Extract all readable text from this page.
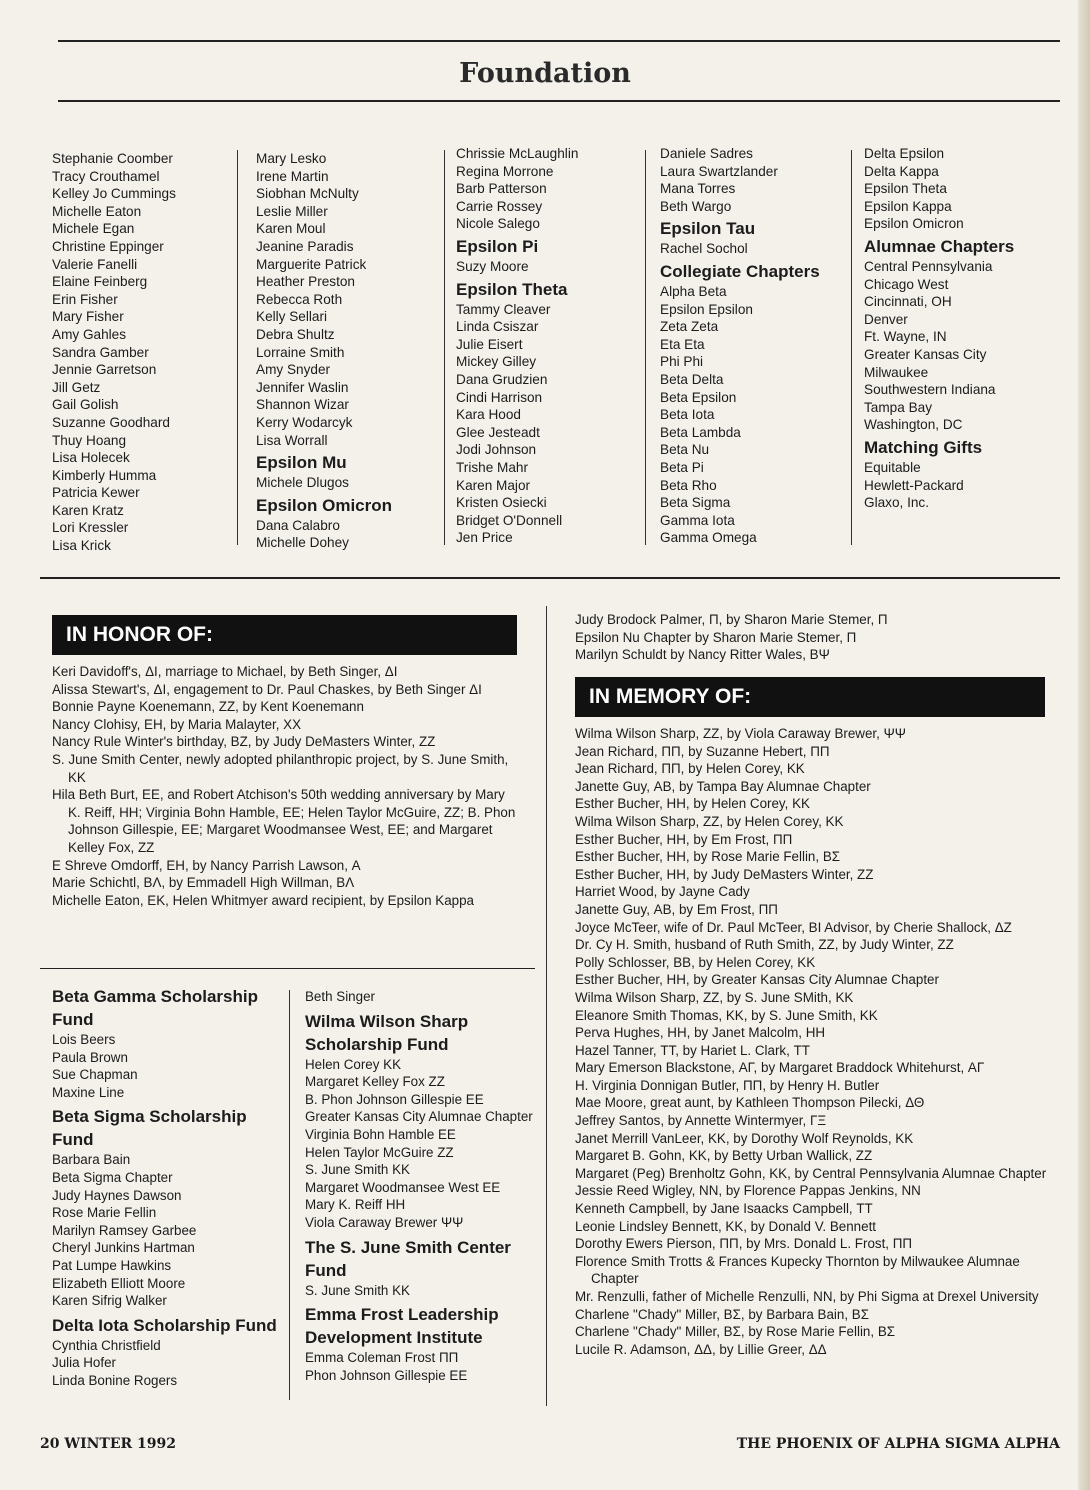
Foundation
Stephanie Coomber
Tracy Crouthamel
Kelley Jo Cummings
Michelle Eaton
Michele Egan
Christine Eppinger
Valerie Fanelli
Elaine Feinberg
Erin Fisher
Mary Fisher
Amy Gahles
Sandra Gamber
Jennie Garretson
Jill Getz
Gail Golish
Suzanne Goodhard
Thuy Hoang
Lisa Holecek
Kimberly Humma
Patricia Kewer
Karen Kratz
Lori Kressler
Lisa Krick
Mary Lesko
Irene Martin
Siobhan McNulty
Leslie Miller
Karen Moul
Jeanine Paradis
Marguerite Patrick
Heather Preston
Rebecca Roth
Kelly Sellari
Debra Shultz
Lorraine Smith
Amy Snyder
Jennifer Waslin
Shannon Wizar
Kerry Wodarcyk
Lisa Worrall
Epsilon Mu
Michele Dlugos
Epsilon Omicron
Dana Calabro
Michelle Dohey
Chrissie McLaughlin
Regina Morrone
Barb Patterson
Carrie Rossey
Nicole Salego
Epsilon Pi
Suzy Moore
Epsilon Theta
Tammy Cleaver
Linda Csiszar
Julie Eisert
Mickey Gilley
Dana Grudzien
Cindi Harrison
Kara Hood
Glee Jesteadt
Jodi Johnson
Trishe Mahr
Karen Major
Kristen Osiecki
Bridget O'Donnell
Jen Price
Daniele Sadres
Laura Swartzlander
Mana Torres
Beth Wargo
Epsilon Tau
Rachel Sochol
Collegiate Chapters
Alpha Beta
Epsilon Epsilon
Zeta Zeta
Eta Eta
Phi Phi
Beta Delta
Beta Epsilon
Beta Iota
Beta Lambda
Beta Nu
Beta Pi
Beta Rho
Beta Sigma
Gamma Iota
Gamma Omega
Delta Epsilon
Delta Kappa
Epsilon Theta
Epsilon Kappa
Epsilon Omicron
Alumnae Chapters
Central Pennsylvania
Chicago West
Cincinnati, OH
Denver
Ft. Wayne, IN
Greater Kansas City
Milwaukee
Southwestern Indiana
Tampa Bay
Washington, DC
Matching Gifts
Equitable
Hewlett-Packard
Glaxo, Inc.
IN HONOR OF:
Keri Davidoff's, ΔΙ, marriage to Michael, by Beth Singer, ΔΙ
Alissa Stewart's, ΔΙ, engagement to Dr. Paul Chaskes, by Beth Singer ΔΙ
Bonnie Payne Koenemann, ΖΖ, by Kent Koenemann
Nancy Clohisy, ΕΗ, by Maria Malayter, ΧΧ
Nancy Rule Winter's birthday, ΒΖ, by Judy DeMasters Winter, ΖΖ
S. June Smith Center, newly adopted philanthropic project, by S. June Smith, ΚΚ
Hila Beth Burt, ΕΕ, and Robert Atchison's 50th wedding anniversary by Mary K. Reiff, ΗΗ; Virginia Bohn Hamble, ΕΕ; Helen Taylor McGuire, ΖΖ; B. Phon Johnson Gillespie, ΕΕ; Margaret Woodmansee West, ΕΕ; and Margaret Kelley Fox, ΖΖ
E Shreve Omdorff, ΕΗ, by Nancy Parrish Lawson, Α
Marie Schichtl, ΒΛ, by Emmadell High Willman, ΒΛ
Michelle Eaton, ΕΚ, Helen Whitmyer award recipient, by Epsilon Kappa
Judy Brodock Palmer, Π, by Sharon Marie Stemer, Π
Epsilon Nu Chapter by Sharon Marie Stemer, Π
Marilyn Schuldt by Nancy Ritter Wales, ΒΨ
IN MEMORY OF:
Wilma Wilson Sharp, ΖΖ, by Viola Caraway Brewer, ΨΨ
Jean Richard, ΠΠ, by Suzanne Hebert, ΠΠ
Jean Richard, ΠΠ, by Helen Corey, ΚΚ
Janette Guy, ΑΒ, by Tampa Bay Alumnae Chapter
Esther Bucher, ΗΗ, by Helen Corey, ΚΚ
Wilma Wilson Sharp, ΖΖ, by Helen Corey, ΚΚ
Esther Bucher, ΗΗ, by Em Frost, ΠΠ
Esther Bucher, ΗΗ, by Rose Marie Fellin, ΒΣ
Esther Bucher, ΗΗ, by Judy DeMasters Winter, ΖΖ
Harriet Wood, by Jayne Cady
Janette Guy, ΑΒ, by Em Frost, ΠΠ
Joyce McTeer, wife of Dr. Paul McTeer, BI Advisor, by Cherie Shallock, ΔΖ
Dr. Cy H. Smith, husband of Ruth Smith, ΖΖ, by Judy Winter, ΖΖ
Polly Schlosser, ΒΒ, by Helen Corey, ΚΚ
Esther Bucher, ΗΗ, by Greater Kansas City Alumnae Chapter
Wilma Wilson Sharp, ΖΖ, by S. June SMith, ΚΚ
Eleanore Smith Thomas, ΚΚ, by S. June Smith, ΚΚ
Perva Hughes, ΗΗ, by Janet Malcolm, ΗΗ
Hazel Tanner, ΤΤ, by Hariet L. Clark, ΤΤ
Mary Emerson Blackstone, ΑΓ, by Margaret Braddock Whitehurst, ΑΓ
H. Virginia Donnigan Butler, ΠΠ, by Henry H. Butler
Mae Moore, great aunt, by Kathleen Thompson Pilecki, ΔΘ
Jeffrey Santos, by Annette Wintermyer, ΓΞ
Janet Merrill VanLeer, ΚΚ, by Dorothy Wolf Reynolds, ΚΚ
Margaret B. Gohn, ΚΚ, by Betty Urban Wallick, ΖΖ
Margaret (Peg) Brenholtz Gohn, ΚΚ, by Central Pennsylvania Alumnae Chapter
Jessie Reed Wigley, ΝΝ, by Florence Pappas Jenkins, ΝΝ
Kenneth Campbell, by Jane Isaacks Campbell, ΤΤ
Leonie Lindsley Bennett, ΚΚ, by Donald V. Bennett
Dorothy Ewers Pierson, ΠΠ, by Mrs. Donald L. Frost, ΠΠ
Florence Smith Trotts & Frances Kupecky Thornton by Milwaukee Alumnae Chapter
Mr. Renzulli, father of Michelle Renzulli, ΝΝ, by Phi Sigma at Drexel University
Charlene "Chady" Miller, ΒΣ, by Barbara Bain, ΒΣ
Charlene "Chady" Miller, ΒΣ, by Rose Marie Fellin, ΒΣ
Lucile R. Adamson, ΔΔ, by Lillie Greer, ΔΔ
Beta Gamma Scholarship Fund
Lois Beers
Paula Brown
Sue Chapman
Maxine Line
Beta Sigma Scholarship Fund
Barbara Bain
Beta Sigma Chapter
Judy Haynes Dawson
Rose Marie Fellin
Marilyn Ramsey Garbee
Cheryl Junkins Hartman
Pat Lumpe Hawkins
Elizabeth Elliott Moore
Karen Sifrig Walker
Delta Iota Scholarship Fund
Cynthia Christfield
Julia Hofer
Linda Bonine Rogers
Beth Singer
Wilma Wilson Sharp Scholarship Fund
Helen Corey ΚΚ
Margaret Kelley Fox ΖΖ
B. Phon Johnson Gillespie ΕΕ
Greater Kansas City Alumnae Chapter
Virginia Bohn Hamble ΕΕ
Helen Taylor McGuire ΖΖ
S. June Smith ΚΚ
Margaret Woodmansee West ΕΕ
Mary K. Reiff ΗΗ
Viola Caraway Brewer ΨΨ
The S. June Smith Center Fund
S. June Smith ΚΚ
Emma Frost Leadership Development Institute
Emma Coleman Frost ΠΠ
Phon Johnson Gillespie ΕΕ
20 WINTER 1992	THE PHOENIX OF ALPHA SIGMA ALPHA
